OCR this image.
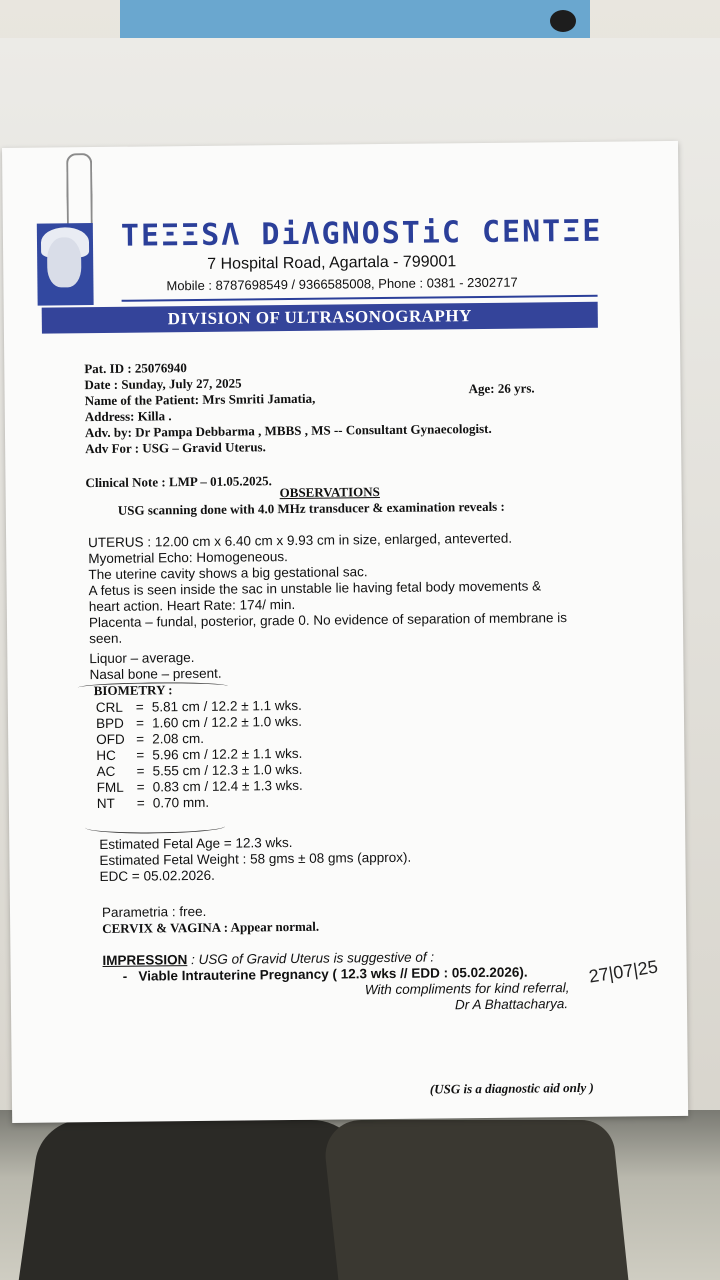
ΤΕΞΞSΛ DiΛGNOSΤiC CENΤΞE
7 Hospital Road, Agartala - 799001
Mobile : 8787698549 / 9366585008, Phone : 0381 - 2302717
DIVISION OF ULTRASONOGRAPHY
Pat. ID : 25076940
Date : Sunday, July 27, 2025
Name of the Patient: Mrs Smriti Jamatia,
Age: 26 yrs.
Address: Killa .
Adv. by: Dr Pampa Debbarma , MBBS , MS -- Consultant Gynaecologist.
Adv For : USG – Gravid Uterus.
Clinical Note : LMP – 01.05.2025.
OBSERVATIONS
USG scanning done with 4.0 MHz transducer & examination reveals :
UTERUS : 12.00 cm x 6.40 cm x 9.93 cm in size, enlarged, anteverted.
Myometrial Echo: Homogeneous.
The uterine cavity shows a big gestational sac.
A fetus is seen inside the sac in unstable lie having fetal body movements &
heart action. Heart Rate: 174/ min.
Placenta – fundal, posterior, grade 0. No evidence of separation of membrane is
seen.
Liquor – average.
Nasal bone – present.
BIOMETRY :
CRL = 5.81 cm / 12.2 ± 1.1 wks.
BPD = 1.60 cm / 12.2 ± 1.0 wks.
OFD = 2.08 cm.
HC = 5.96 cm / 12.2 ± 1.1 wks.
AC = 5.55 cm / 12.3 ± 1.0 wks.
FML = 0.83 cm / 12.4 ± 1.3 wks.
NT = 0.70 mm.
Estimated Fetal Age = 12.3 wks.
Estimated Fetal Weight : 58 gms ± 08 gms (approx).
EDC = 05.02.2026.
Parametria : free.
CERVIX & VAGINA : Appear normal.
IMPRESSION : USG of Gravid Uterus is suggestive of :
- Viable Intrauterine Pregnancy ( 12.3 wks // EDD : 05.02.2026).
With compliments for kind referral,
Dr A Bhattacharya.
27|07|25
(USG is a diagnostic aid only )
